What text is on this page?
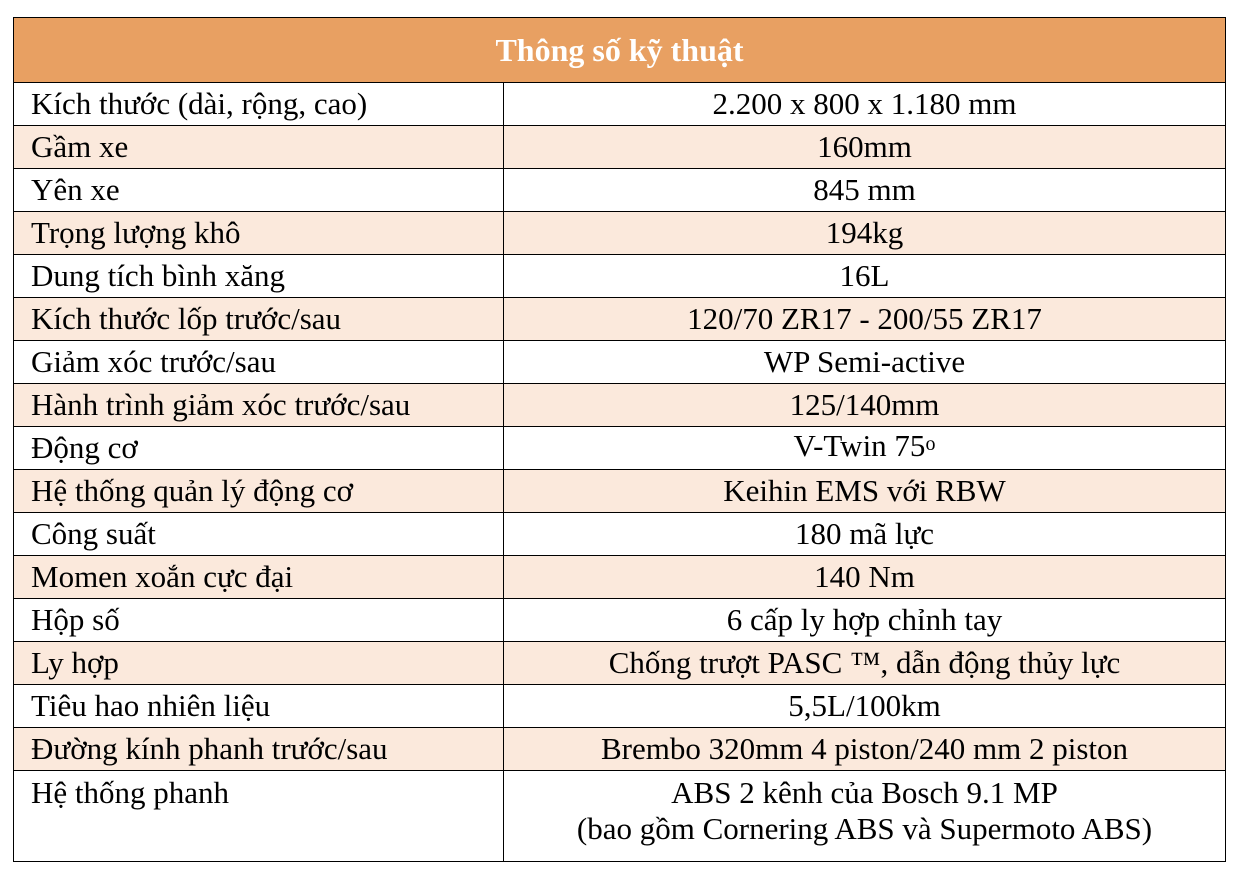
Thông số kỹ thuật	
Kích thước (dài, rộng, cao)	2.200 x 800 x 1.180 mm
Gầm xe	160mm
Yên xe	845 mm
Trọng lượng khô	194kg
Dung tích bình xăng	16L
Kích thước lốp trước/sau	120/70 ZR17 - 200/55 ZR17
Giảm xóc trước/sau	WP Semi-active
Hành trình giảm xóc trước/sau	125/140mm
Động cơ	V-Twin 75$^o$
Hệ thống quản lý động cơ	Keihin EMS với RBW
Công suất	180 mã lực
Momen xoắn cực đại	140 Nm
Hộp số	6 cấp ly hợp chỉnh tay
Ly hợp	Chống trượt PASC ™, dẫn động thủy lực
Tiêu hao nhiên liệu	5,5L/100km
Đường kính phanh trước/sau	Brembo 320mm 4 piston/240 mm 2 piston
Hệ thống phanh	ABS 2 kênh của Bosch 9.1 MP
(bao gồm Cornering ABS và Supermoto ABS)
